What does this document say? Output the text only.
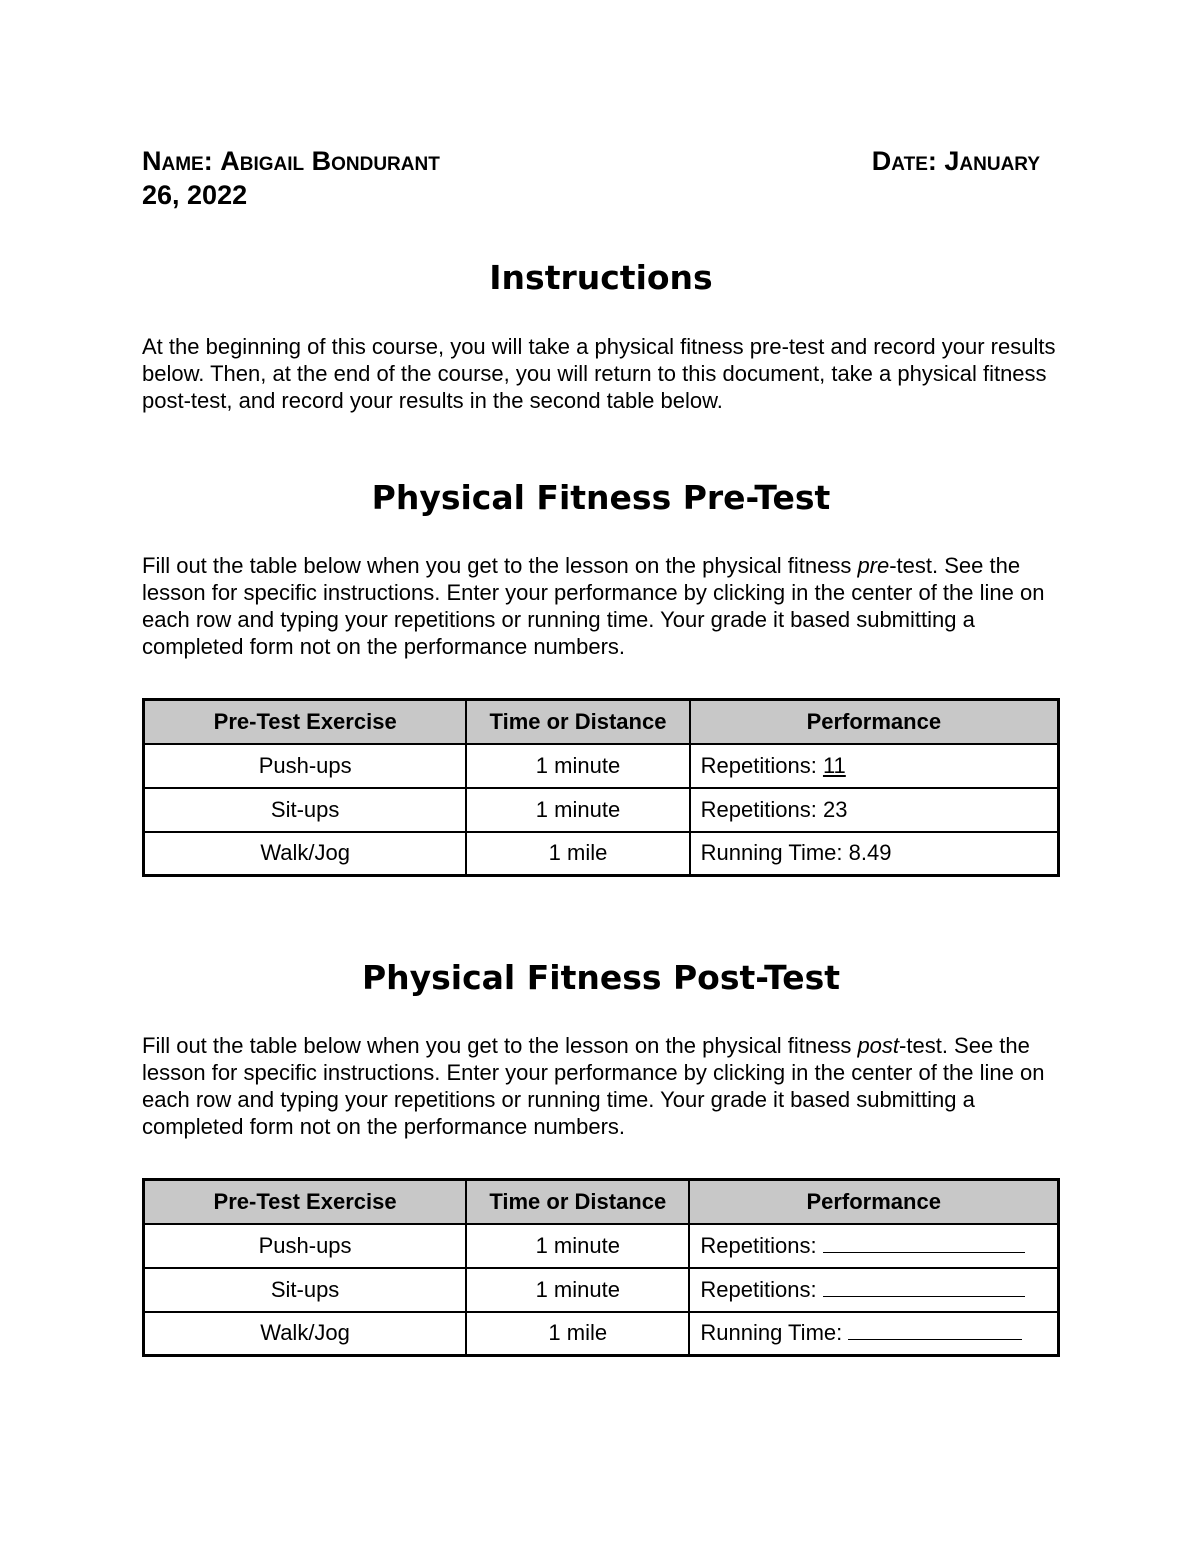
Name: Abigail Bondurant	Date: January
26, 2022
Instructions
At the beginning of this course, you will take a physical fitness pre-test and record your results below. Then, at the end of the course, you will return to this document, take a physical fitness post-test, and record your results in the second table below.
Physical Fitness Pre-Test
Fill out the table below when you get to the lesson on the physical fitness pre-test. See the lesson for specific instructions. Enter your performance by clicking in the center of the line on each row and typing your repetitions or running time. Your grade it based submitting a completed form not on the performance numbers.
Pre-Test Exercise	Time or Distance	Performance
Push-ups	1 minute	Repetitions: 11
Sit-ups	1 minute	Repetitions: 23
Walk/Jog	1 mile	Running Time: 8.49
Physical Fitness Post-Test
Fill out the table below when you get to the lesson on the physical fitness post-test. See the lesson for specific instructions. Enter your performance by clicking in the center of the line on each row and typing your repetitions or running time. Your grade it based submitting a completed form not on the performance numbers.
Pre-Test Exercise	Time or Distance	Performance
Push-ups	1 minute	Repetitions:
Sit-ups	1 minute	Repetitions:
Walk/Jog	1 mile	Running Time:
